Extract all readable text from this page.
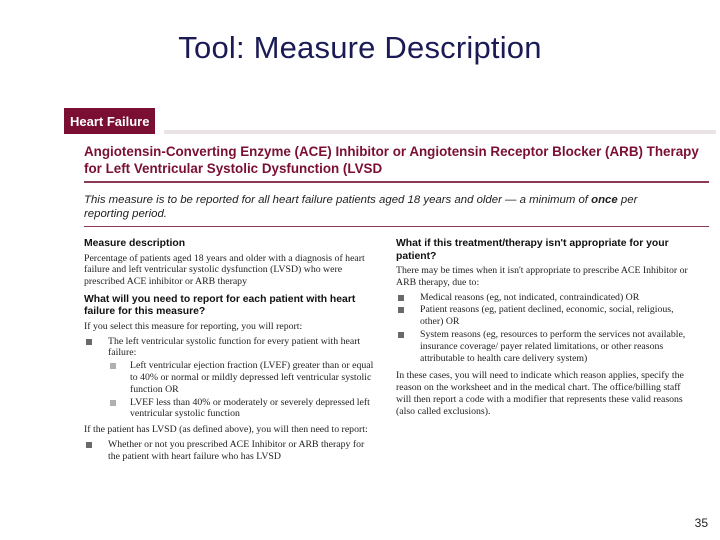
Tool: Measure Description
Heart Failure
Angiotensin-Converting Enzyme (ACE) Inhibitor or Angiotensin Receptor Blocker (ARB) Therapy for Left Ventricular Systolic Dysfunction (LVSD
This measure is to be reported for all heart failure patients aged 18 years and older — a minimum of once per reporting period.
Measure description
Percentage of patients aged 18 years and older with a diagnosis of heart failure and left ventricular systolic dysfunction (LVSD) who were prescribed ACE inhibitor or ARB therapy
What will you need to report for each patient with heart failure for this measure?
If you select this measure for reporting, you will report:
The left ventricular systolic function for every patient with heart failure:
Left ventricular ejection fraction (LVEF) greater than or equal to 40% or normal or mildly depressed left ventricular systolic function OR
LVEF less than 40% or moderately or severely depressed left ventricular systolic function
If the patient has LVSD (as defined above), you will then need to report:
Whether or not you prescribed ACE Inhibitor or ARB therapy for the patient with heart failure who has LVSD
What if this treatment/therapy isn't appropriate for your patient?
There may be times when it isn't appropriate to prescribe ACE Inhibitor or ARB therapy, due to:
Medical reasons (eg, not indicated, contraindicated) OR
Patient reasons (eg, patient declined, economic, social, religious, other) OR
System reasons (eg, resources to perform the services not available, insurance coverage/ payer related limitations, or other reasons attributable to health care delivery system)
In these cases, you will need to indicate which reason applies, specify the reason on the worksheet and in the medical chart. The office/billing staff will then report a code with a modifier that represents these valid reasons (also called exclusions).
35
